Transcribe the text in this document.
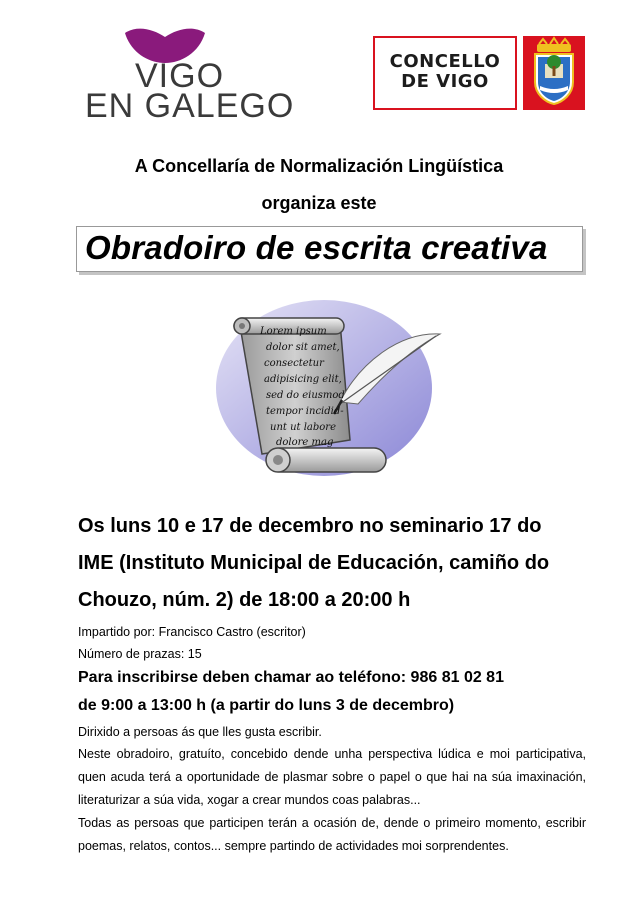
VIGO
EN GALEGO
CONCELLO
DE VIGO
A Concellaría de Normalización Lingüística
organiza este
Obradoiro de escrita creativa
Lorem ipsum
dolor sit amet,
consectetur
adipisicing elit,
sed do eiusmod
tempor incidid-
unt ut labore
dolore mag
Os luns 10 e 17 de decembro no seminario 17 do
IME (Instituto Municipal de Educación, camiño do
Chouzo, núm. 2) de 18:00 a 20:00 h
Impartido por: Francisco Castro (escritor)
Número de prazas: 15
Para inscribirse deben chamar ao teléfono: 986 81 02 81
de 9:00 a 13:00 h (a partir do luns 3 de decembro)
Dirixido a persoas ás que lles gusta escribir.
Neste obradoiro, gratuíto, concebido dende unha perspectiva lúdica e moi participativa,
quen acuda terá a oportunidade de plasmar sobre o papel o que hai na súa imaxinación,
literaturizar a súa vida, xogar a crear mundos coas palabras...
Todas as persoas que participen terán a ocasión de, dende o primeiro momento, escribir
poemas, relatos, contos... sempre partindo de actividades moi sorprendentes.
